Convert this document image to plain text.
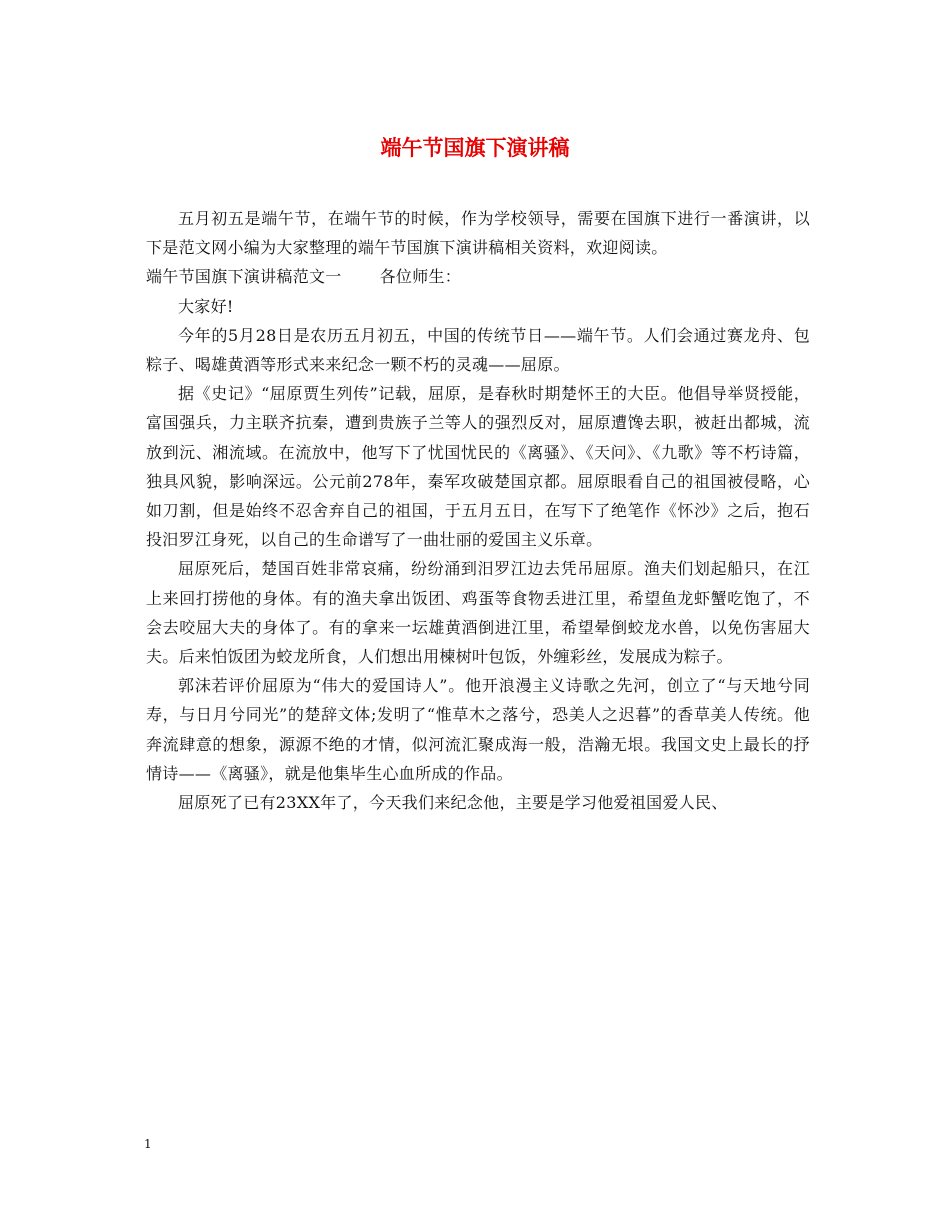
端午节国旗下演讲稿

五月初五是端午节，在端午节的时候，作为学校领导，需要在国旗下进行一番演讲，以下是范文网小编为大家整理的端午节国旗下演讲稿相关资料，欢迎阅读。

端午节国旗下演讲稿范文一 各位师生：

大家好!

今年的5月28日是农历五月初五，中国的传统节日——端午节。人们会通过赛龙舟、包粽子、喝雄黄酒等形式来来纪念一颗不朽的灵魂——屈原。

据《史记》“屈原贾生列传”记载，屈原，是春秋时期楚怀王的大臣。他倡导举贤授能，富国强兵，力主联齐抗秦，遭到贵族子兰等人的强烈反对，屈原遭馋去职，被赶出都城，流放到沅、湘流域。在流放中，他写下了忧国忧民的《离骚》、《天问》、《九歌》等不朽诗篇，独具风貌，影响深远。公元前278年，秦军攻破楚国京都。屈原眼看自己的祖国被侵略，心如刀割，但是始终不忍舍弃自己的祖国，于五月五日，在写下了绝笔作《怀沙》之后，抱石投汨罗江身死，以自己的生命谱写了一曲壮丽的爱国主义乐章。

屈原死后，楚国百姓非常哀痛，纷纷涌到汨罗江边去凭吊屈原。渔夫们划起船只，在江上来回打捞他的身体。有的渔夫拿出饭团、鸡蛋等食物丢进江里，希望鱼龙虾蟹吃饱了，不会去咬屈大夫的身体了。有的拿来一坛雄黄酒倒进江里，希望晕倒蛟龙水兽，以免伤害屈大夫。后来怕饭团为蛟龙所食，人们想出用楝树叶包饭，外缠彩丝，发展成为粽子。

郭沫若评价屈原为“伟大的爱国诗人”。他开浪漫主义诗歌之先河，创立了“与天地兮同寿，与日月兮同光”的楚辞文体;发明了“惟草木之落兮，恐美人之迟暮”的香草美人传统。他奔流肆意的想象，源源不绝的才情，似河流汇聚成海一般，浩瀚无垠。我国文史上最长的抒情诗——《离骚》，就是他集毕生心血所成的作品。

屈原死了已有23XX年了，今天我们来纪念他，主要是学习他爱祖国爱人民、

1
